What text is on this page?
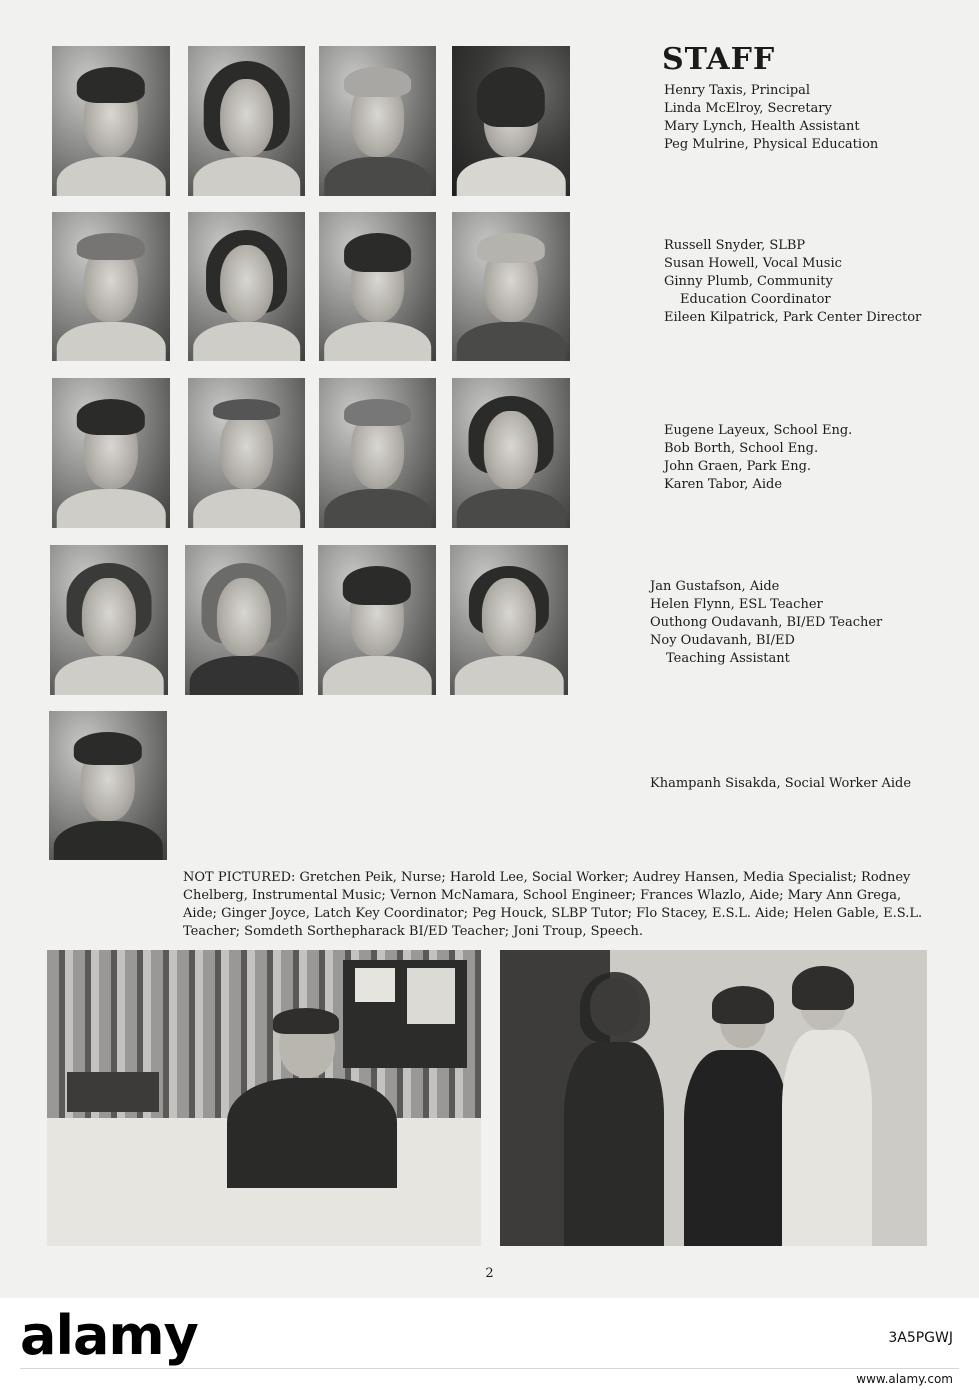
STAFF
Henry Taxis, Principal
Linda McElroy, Secretary
Mary Lynch, Health Assistant
Peg Mulrine, Physical Education
Russell Snyder, SLBP
Susan Howell, Vocal Music
Ginny Plumb, Community
Education Coordinator
Eileen Kilpatrick, Park Center Director
Eugene Layeux, School Eng.
Bob Borth, School Eng.
John Graen, Park Eng.
Karen Tabor, Aide
Jan Gustafson, Aide
Helen Flynn, ESL Teacher
Outhong Oudavanh, BI/ED Teacher
Noy Oudavanh, BI/ED
Teaching Assistant
Khampanh Sisakda, Social Worker Aide
NOT PICTURED: Gretchen Peik, Nurse; Harold Lee, Social Worker; Audrey Hansen, Media Specialist; Rodney Chelberg, Instrumental Music; Vernon McNamara, School Engineer; Frances Wlazlo, Aide; Mary Ann Grega, Aide; Ginger Joyce, Latch Key Coordinator; Peg Houck, SLBP Tutor; Flo Stacey, E.S.L. Aide; Helen Gable, E.S.L. Teacher; Somdeth Sorthepharack BI/ED Teacher; Joni Troup, Speech.
2
alamy	3A5PGWJ
www.alamy.com
